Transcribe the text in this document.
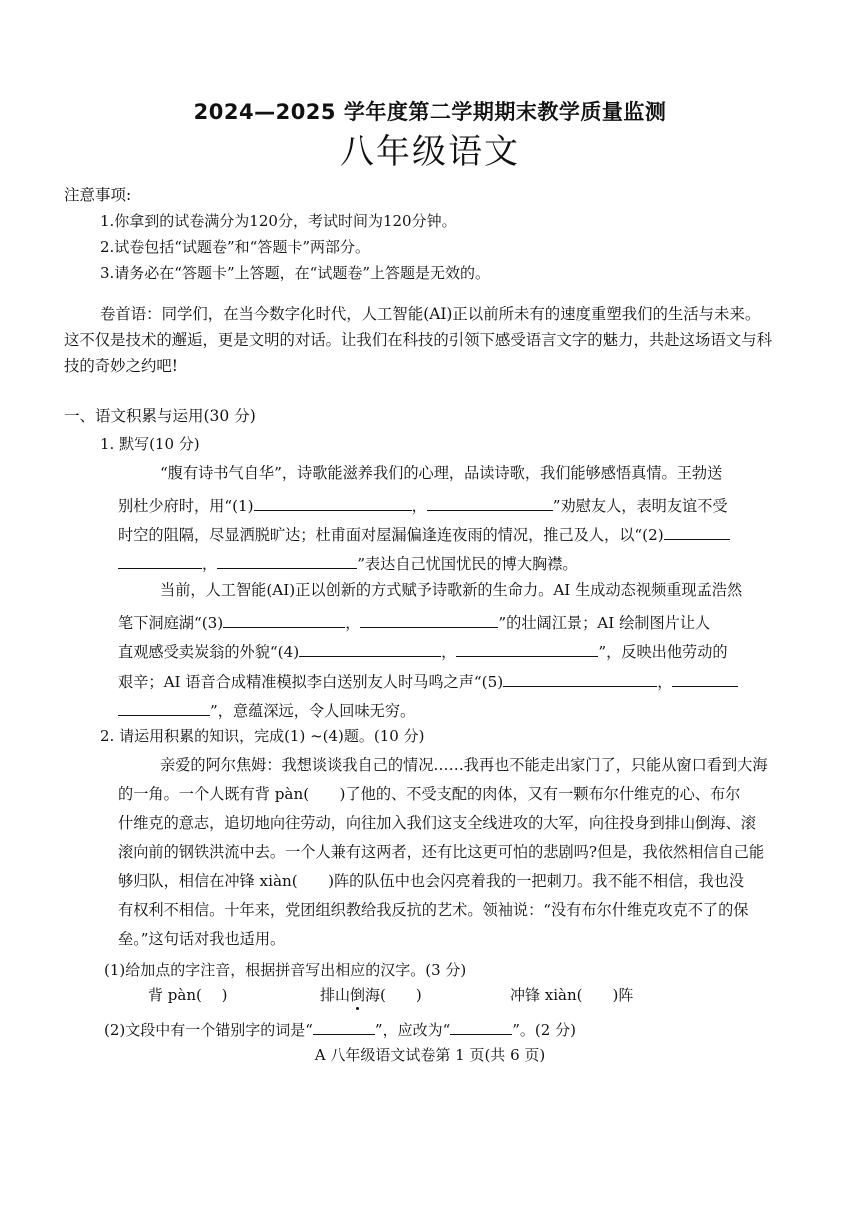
2024—2025 学年度第二学期期末教学质量监测
八年级语文
注意事项:
1.你拿到的试卷满分为120分，考试时间为120分钟。
2.试卷包括“试题卷”和“答题卡”两部分。
3.请务必在“答题卡”上答题，在“试题卷”上答题是无效的。
卷首语：同学们，在当今数字化时代，人工智能(AI)正以前所未有的速度重塑我们的生活与未来。
这不仅是技术的邂逅，更是文明的对话。让我们在科技的引领下感受语言文字的魅力，共赴这场语文与科
技的奇妙之约吧!
一、语文积累与运用(30 分)
1. 默写(10 分)
“腹有诗书气自华”，诗歌能滋养我们的心理，品读诗歌，我们能够感悟真情。王勃送
别杜少府时，用“(1)	，	”劝慰友人，表明友谊不受
时空的阻隔，尽显洒脱旷达；杜甫面对屋漏偏逢连夜雨的情况，推己及人，以“(2)
，	”表达自己忧国忧民的博大胸襟。
当前，人工智能(AI)正以创新的方式赋予诗歌新的生命力。AI 生成动态视频重现孟浩然
笔下洞庭湖“(3)	，	”的壮阔江景；AI 绘制图片让人
直观感受卖炭翁的外貌“(4)	，	”，反映出他劳动的
艰辛；AI 语音合成精准模拟李白送别友人时马鸣之声“(5)	，
”，意蕴深远，令人回味无穷。
2. 请运用积累的知识，完成(1) ~(4)题。(10 分)
亲爱的阿尔焦姆：我想谈谈我自己的情况……我再也不能走出家门了，只能从窗口看到大海
的一角。一个人既有背 pàn(　　)了他的、不受支配的肉体，又有一颗布尔什维克的心、布尔
什维克的意志，追切地向往劳动，向往加入我们这支全线进攻的大军，向往投身到排山倒海、滚
滚向前的钢铁洪流中去。一个人兼有这两者，还有比这更可怕的悲剧吗?但是，我依然相信自己能
够归队，相信在冲锋 xiàn(　　)阵的队伍中也会闪亮着我的一把刺刀。我不能不相信，我也没
有权利不相信。十年来，党团组织教给我反抗的艺术。领袖说：“没有布尔什维克攻克不了的保
垒。”这句话对我也适用。
(1)给加点的字注音，根据拼音写出相应的汉字。(3 分)
背 pàn(　 )	排山倒海(　　)	冲锋 xiàn(　　)阵
(2)文段中有一个错别字的词是“	”，应改为“	”。(2 分)
A 八年级语文试卷第 1 页(共 6 页)
